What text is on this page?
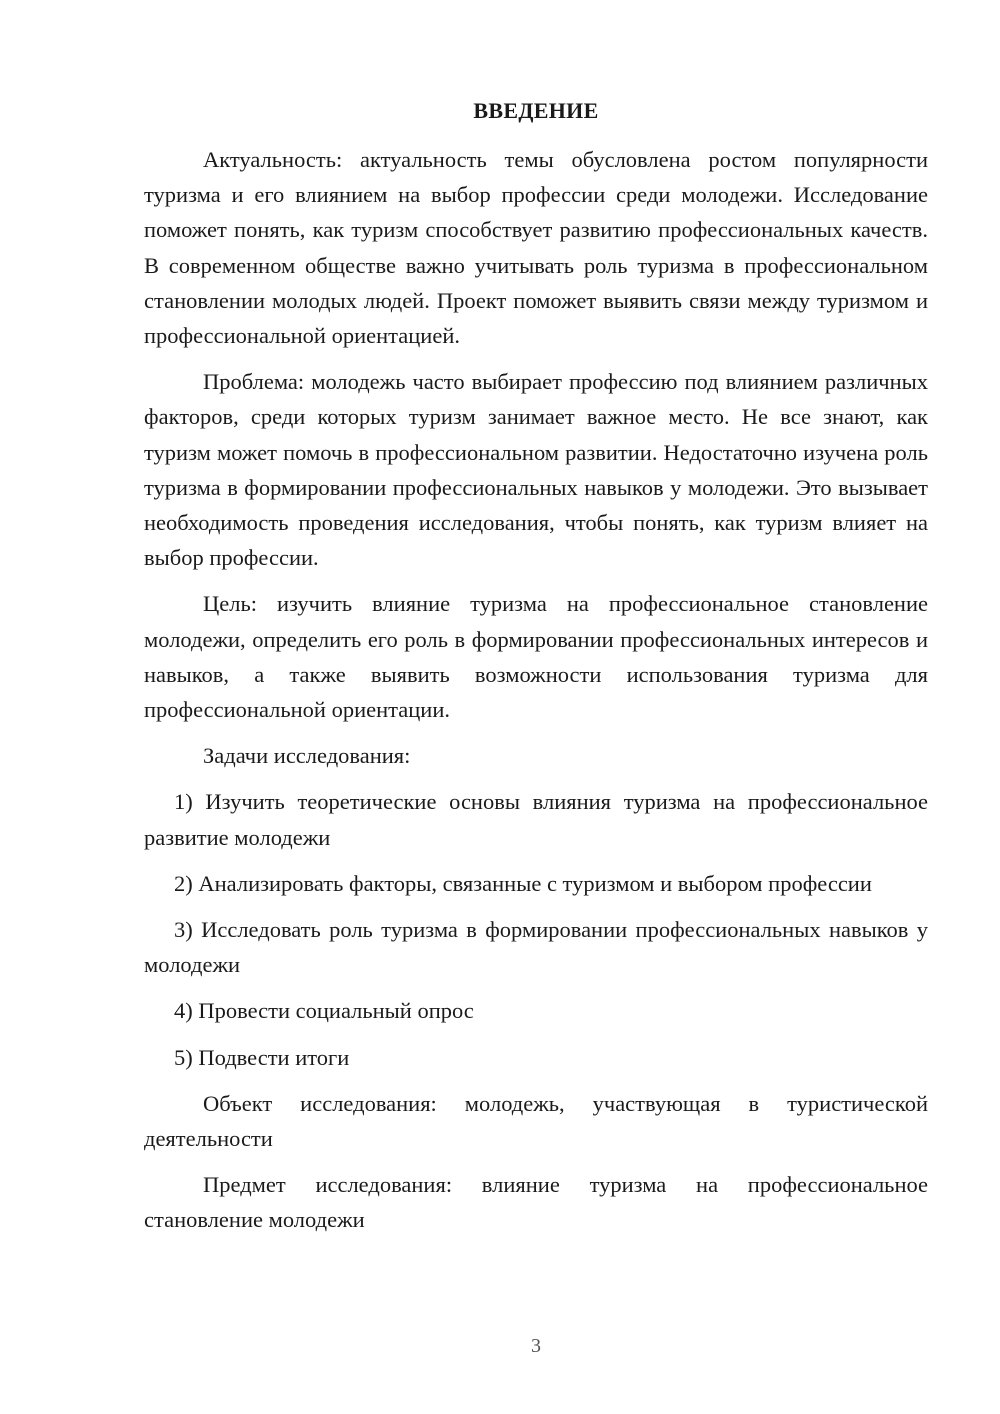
ВВЕДЕНИЕ

Актуальность: актуальность темы обусловлена ростом популярности туризма и его влиянием на выбор профессии среди молодежи. Исследование поможет понять, как туризм способствует развитию профессиональных качеств. В современном обществе важно учитывать роль туризма в профессиональном становлении молодых людей. Проект поможет выявить связи между туризмом и профессиональной ориентацией.

Проблема: молодежь часто выбирает профессию под влиянием различных факторов, среди которых туризм занимает важное место. Не все знают, как туризм может помочь в профессиональном развитии. Недостаточно изучена роль туризма в формировании профессиональных навыков у молодежи. Это вызывает необходимость проведения исследования, чтобы понять, как туризм влияет на выбор профессии.

Цель: изучить влияние туризма на профессиональное становление молодежи, определить его роль в формировании профессиональных интересов и навыков, а также выявить возможности использования туризма для профессиональной ориентации.

Задачи исследования:

1) Изучить теоретические основы влияния туризма на профессиональное развитие молодежи

2) Анализировать факторы, связанные с туризмом и выбором профессии

3) Исследовать роль туризма в формировании профессиональных навыков у молодежи

4) Провести социальный опрос

5) Подвести итоги

Объект исследования: молодежь, участвующая в туристической деятельности

Предмет исследования: влияние туризма на профессиональное становление молодежи

3
